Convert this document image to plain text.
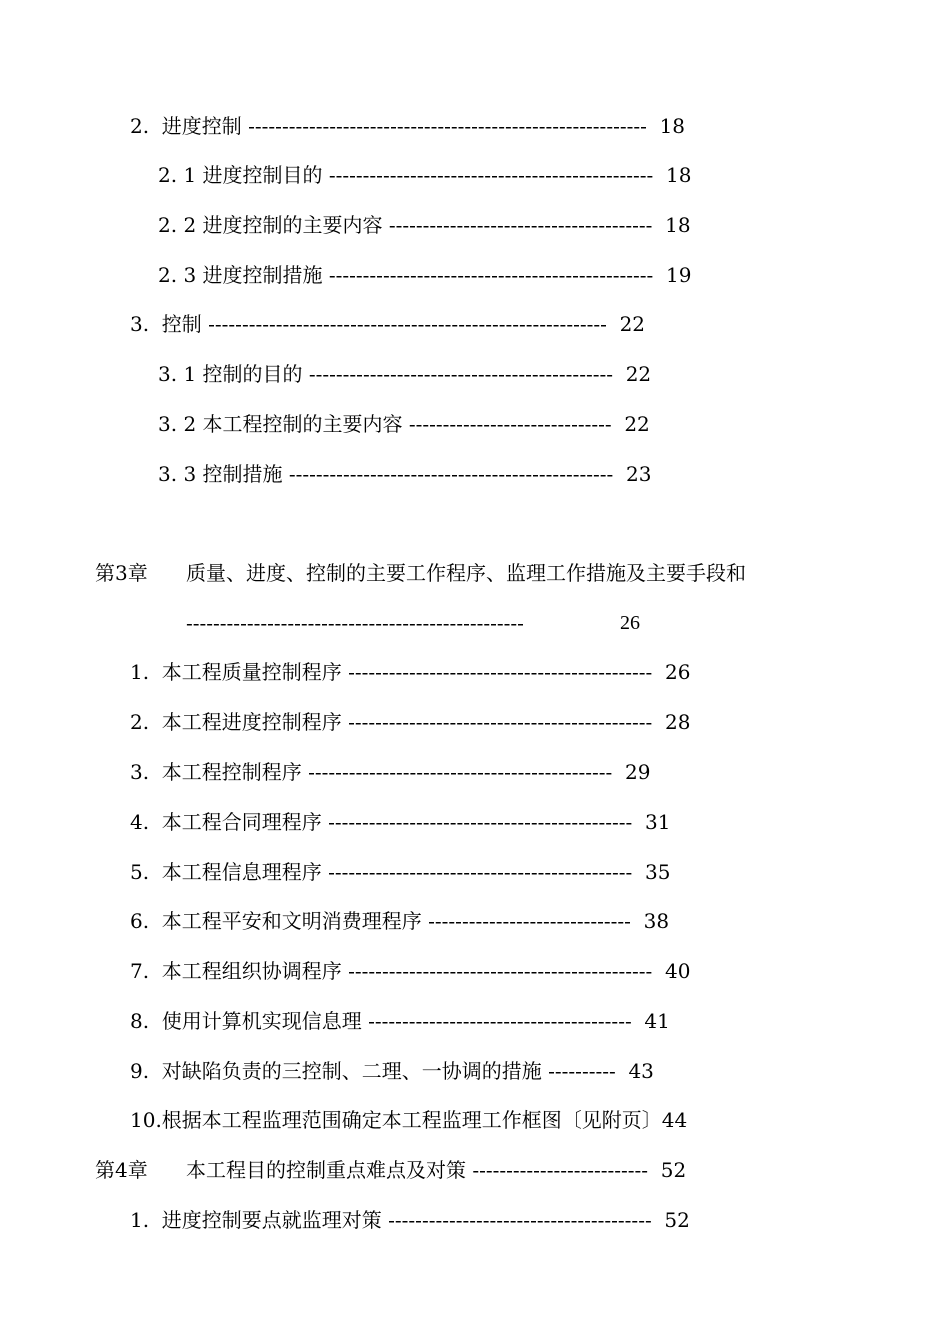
2.  进度控制 -----------------------------------------------------------  18
2. 1 进度控制目的 ------------------------------------------------  18
2. 2 进度控制的主要内容 ---------------------------------------  18
2. 3 进度控制措施 ------------------------------------------------  19
3.  控制 -----------------------------------------------------------  22
3. 1 控制的目的 ---------------------------------------------  22
3. 2 本工程控制的主要内容 ------------------------------  22
3. 3 控制措施 ------------------------------------------------  23
第3章 质量、进度、控制的主要工作程序、监理工作措施及主要手段和
--------------------------------------------------	26
1.  本工程质量控制程序 ---------------------------------------------  26
2.  本工程进度控制程序 ---------------------------------------------  28
3.  本工程控制程序 ---------------------------------------------  29
4.  本工程合同理程序 ---------------------------------------------  31
5.  本工程信息理程序 ---------------------------------------------  35
6.  本工程平安和文明消费理程序 ------------------------------  38
7.  本工程组织协调程序 ---------------------------------------------  40
8.  使用计算机实现信息理 ---------------------------------------  41
9.  对缺陷负责的三控制、二理、一协调的措施 ----------  43
10.根据本工程监理范围确定本工程监理工作框图〔见附页〕44
第4章 本工程目的控制重点难点及对策 --------------------------  52
1.  进度控制要点就监理对策 ---------------------------------------  52
